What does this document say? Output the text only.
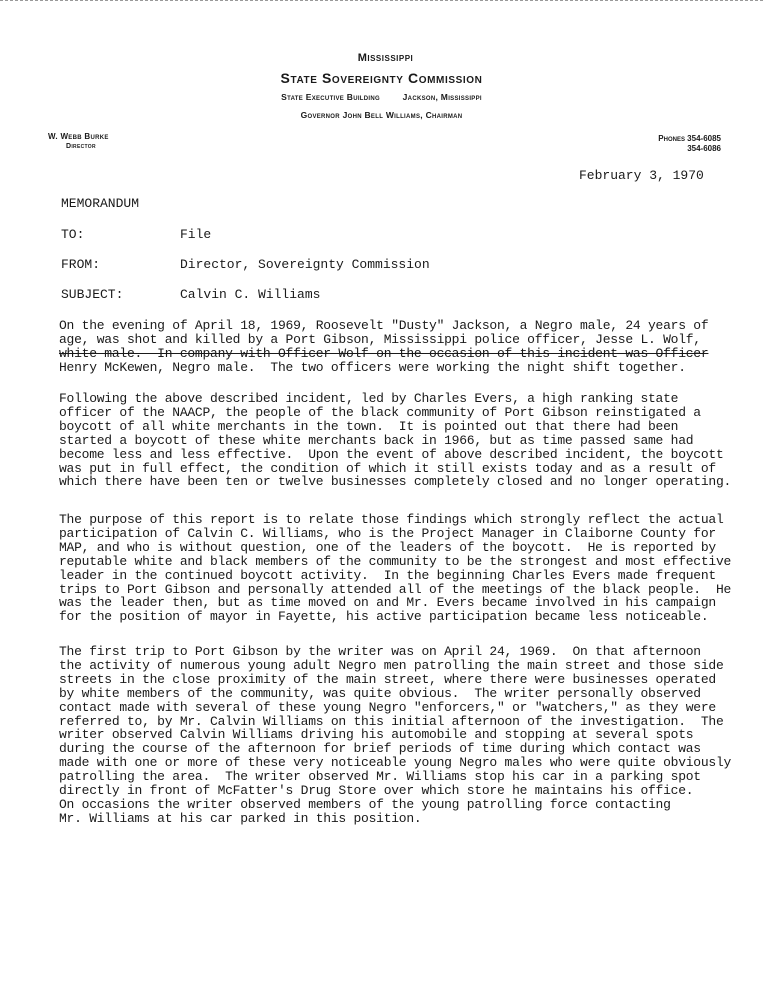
Mississippi
State Sovereignty Commission
State Executive Building	Jackson, Mississippi
Governor John Bell Williams, Chairman
W. Webb Burke
Director
Phones 354-6085
354-6086
February 3, 1970
MEMORANDUM
TO:	File
FROM:	Director, Sovereignty Commission
SUBJECT:	Calvin C. Williams

On the evening of April 18, 1969, Roosevelt "Dusty" Jackson, a Negro male, 24 years of

age, was shot and killed by a Port Gibson, Mississippi police officer, Jesse L. Wolf,

white male.  In company with Officer Wolf on the occasion of this incident was Officer

Henry McKewen, Negro male.  The two officers were working the night shift together.

Following the above described incident, led by Charles Evers, a high ranking state

officer of the NAACP, the people of the black community of Port Gibson reinstigated a

boycott of all white merchants in the town.  It is pointed out that there had been

started a boycott of these white merchants back in 1966, but as time passed same had

become less and less effective.  Upon the event of above described incident, the boycott

was put in full effect, the condition of which it still exists today and as a result of

which there have been ten or twelve businesses completely closed and no longer operating.

The purpose of this report is to relate those findings which strongly reflect the actual

participation of Calvin C. Williams, who is the Project Manager in Claiborne County for

MAP, and who is without question, one of the leaders of the boycott.  He is reported by

reputable white and black members of the community to be the strongest and most effective

leader in the continued boycott activity.  In the beginning Charles Evers made frequent

trips to Port Gibson and personally attended all of the meetings of the black people.  He

was the leader then, but as time moved on and Mr. Evers became involved in his campaign

for the position of mayor in Fayette, his active participation became less noticeable.

The first trip to Port Gibson by the writer was on April 24, 1969.  On that afternoon

the activity of numerous young adult Negro men patrolling the main street and those side

streets in the close proximity of the main street, where there were businesses operated

by white members of the community, was quite obvious.  The writer personally observed

contact made with several of these young Negro "enforcers," or "watchers," as they were

referred to, by Mr. Calvin Williams on this initial afternoon of the investigation.  The

writer observed Calvin Williams driving his automobile and stopping at several spots

during the course of the afternoon for brief periods of time during which contact was

made with one or more of these very noticeable young Negro males who were quite obviously

patrolling the area.  The writer observed Mr. Williams stop his car in a parking spot

directly in front of McFatter's Drug Store over which store he maintains his office.

On occasions the writer observed members of the young patrolling force contacting

Mr. Williams at his car parked in this position.
